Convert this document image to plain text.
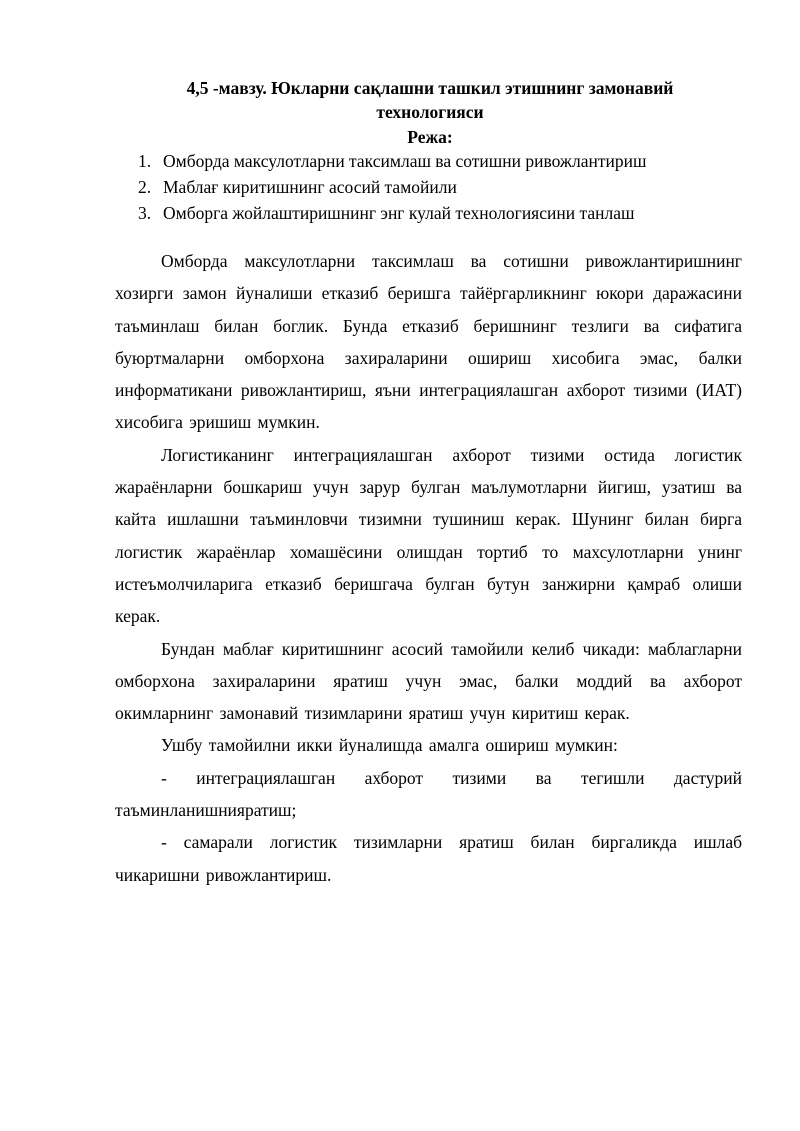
4,5 -мавзу. Юкларни сақлашни ташкил этишнинг замонавий
технологияси
Режа:
1. Омборда максулотларни таксимлаш ва сотишни ривожлантириш
2. Маблағ киритишнинг асосий тамойили
3. Омборга жойлаштиришнинг энг кулай технологиясини танлаш

Омборда максулотларни таксимлаш ва сотишни ривожлантиришнинг хозирги замон йуналиши етказиб беришга тайёргарликнинг юкори даражасини таъминлаш билан боглик. Бунда етказиб беришнинг тезлиги ва сифатига буюртмаларни омборхона захираларини ошириш хисобига эмас, балки информатикани ривожлантириш, яъни интеграциялашган ахборот тизими (ИАТ) хисобига эришиш мумкин.

Логистиканинг интеграциялашган ахборот тизими остида логистик жараёнларни бошкариш учун зарур булган маълумотларни йигиш, узатиш ва кайта ишлашни таъминловчи тизимни тушиниш керак. Шунинг билан бирга логистик жараёнлар хомашёсини олишдан тортиб то махсулотларни унинг истеъмолчиларига етказиб беришгача булган бутун занжирни қамраб олиши керак.

Бундан маблағ киритишнинг асосий тамойили келиб чикади: маблагларни омборхона захираларини яратиш учун эмас, балки моддий ва ахборот окимларнинг замонавий тизимларини яратиш учун киритиш керак.

Ушбу тамойилни икки йуналишда амалга ошириш мумкин:

- интеграциялашган ахборот тизими ва тегишли дастурий таъминланишнияратиш;

- самарали логистик тизимларни яратиш билан биргаликда ишлаб чикаришни ривожлантириш.
